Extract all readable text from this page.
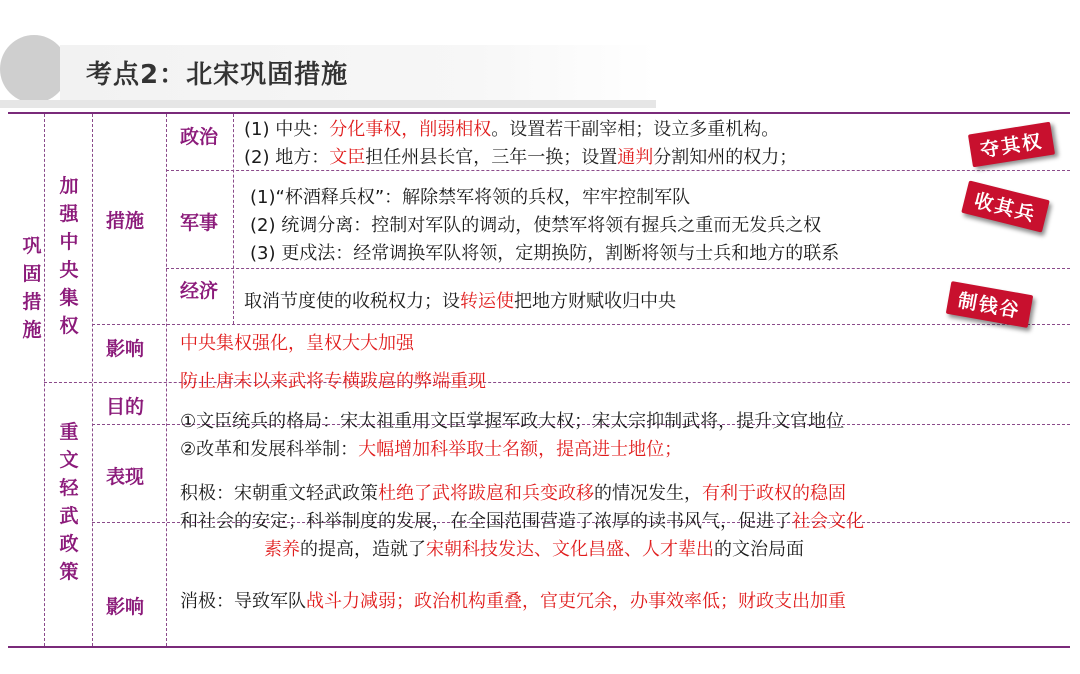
考点2：北宋巩固措施
巩固措施
加强中央集权
重文轻武政策
措施
影响
目的
表现
影响
政治
军事
经济
(1) 中央：分化事权，削弱相权。设置若干副宰相；设立多重机构。
(2) 地方：文臣担任州县长官，三年一换；设置通判分割知州的权力；
(1)“杯酒释兵权”：解除禁军将领的兵权，牢牢控制军队
(2) 统调分离：控制对军队的调动，使禁军将领有握兵之重而无发兵之权
(3) 更戍法：经常调换军队将领，定期换防，割断将领与士兵和地方的联系
取消节度使的收税权力；设转运使把地方财赋收归中央
中央集权强化，皇权大大加强
防止唐末以来武将专横跋扈的弊端重现
①文臣统兵的格局：宋太祖重用文臣掌握军政大权；宋太宗抑制武将，提升文官地位
②改革和发展科举制：大幅增加科举取士名额，提高进士地位；
积极：宋朝重文轻武政策杜绝了武将跋扈和兵变政移的情况发生，有利于政权的稳固
和社会的安定；科举制度的发展，在全国范围营造了浓厚的读书风气，促进了社会文化
素养的提高，造就了宋朝科技发达、文化昌盛、人才辈出的文治局面
消极：导致军队战斗力减弱；政治机构重叠，官吏冗余，办事效率低；财政支出加重
夺其权
收其兵
制钱谷
